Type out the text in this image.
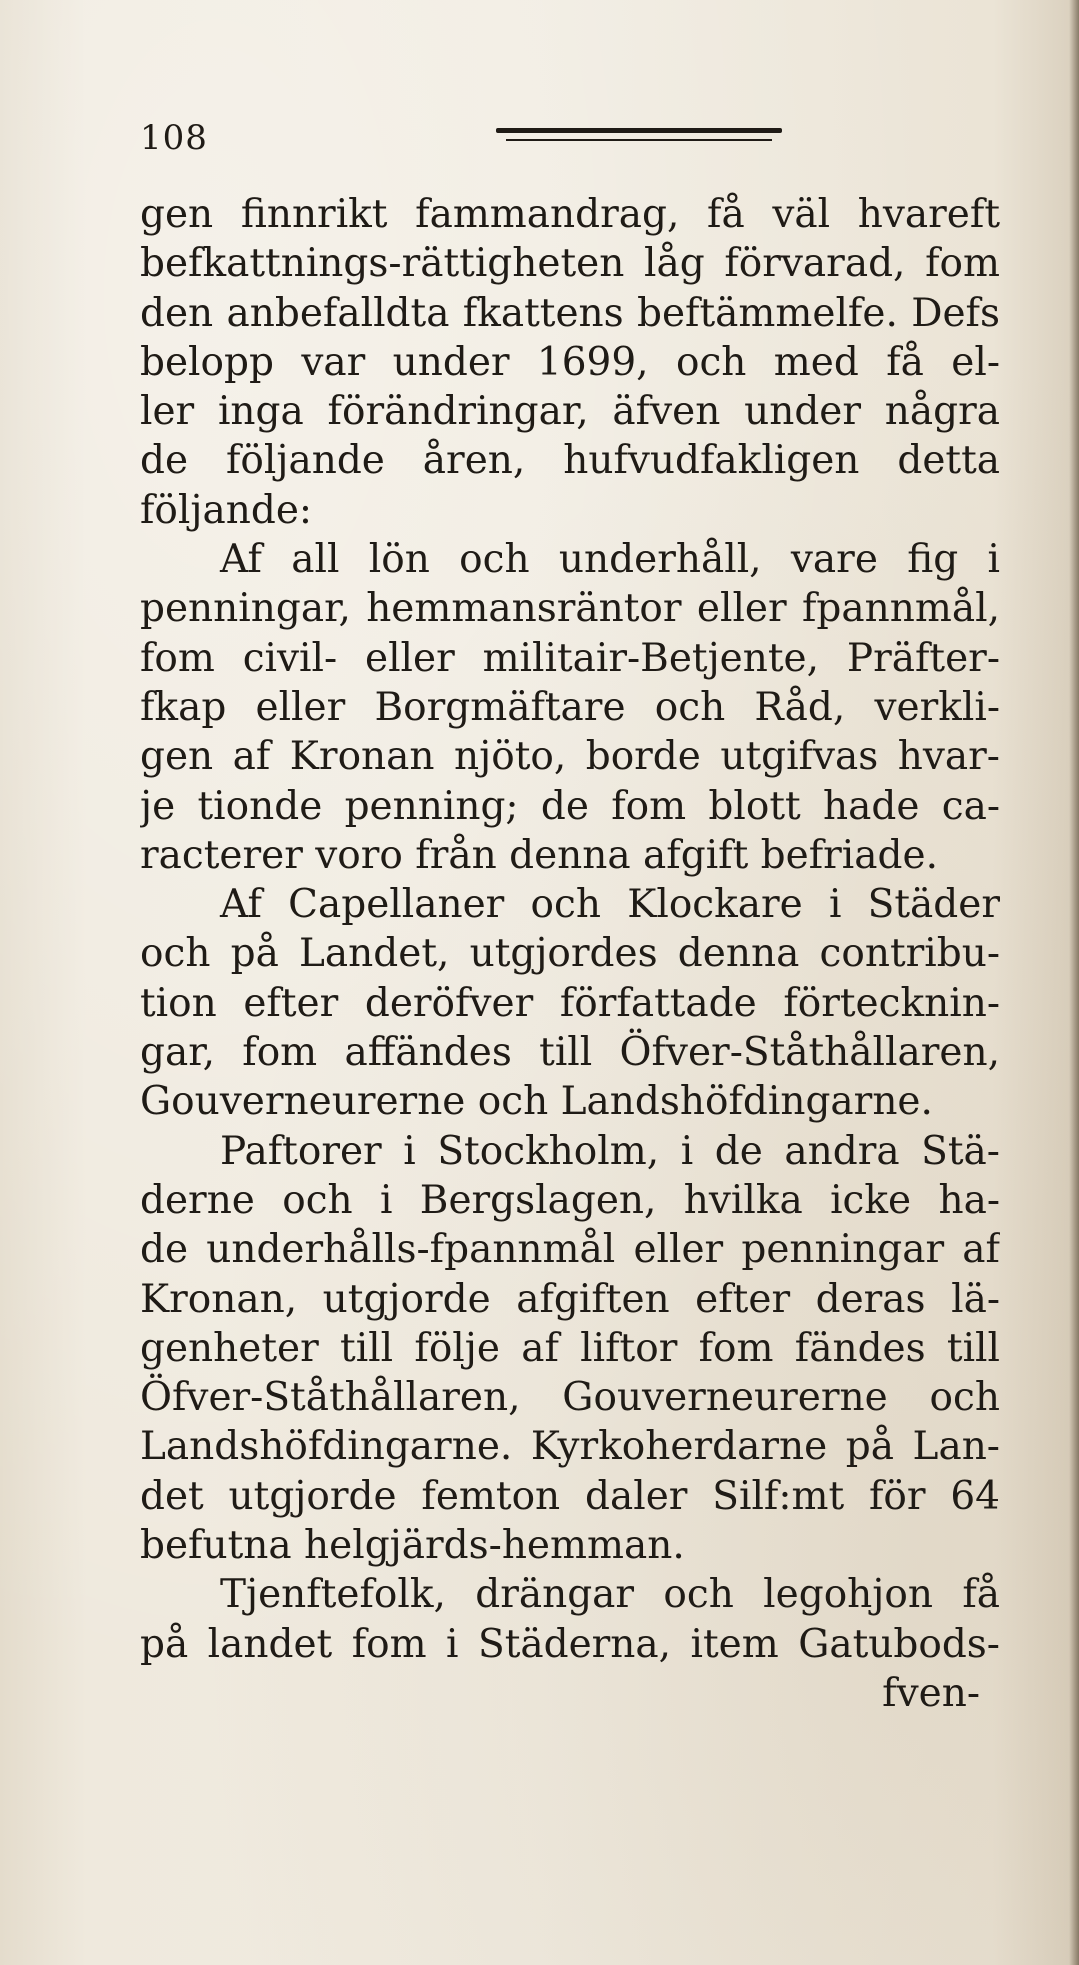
108
gen finnrikt fammandrag, få väl hvareft
befkattnings-rättigheten låg förvarad, fom
den anbefalldta fkattens beftämmelfe. Defs
belopp var under 1699, och med få el-
ler inga förändringar, äfven under några
de följande åren, hufvudfakligen detta
följande:
Af all lön och underhåll, vare fig i
penningar, hemmansräntor eller fpannmål,
fom civil- eller militair-Betjente, Präfter-
fkap eller Borgmäftare och Råd, verkli-
gen af Kronan njöto, borde utgifvas hvar-
je tionde penning; de fom blott hade ca-
racterer voro från denna afgift befriade.
Af Capellaner och Klockare i Städer
och på Landet, utgjordes denna contribu-
tion efter deröfver författade förtecknin-
gar, fom affändes till Öfver-Ståthållaren,
Gouverneurerne och Landshöfdingarne.
Paftorer i Stockholm, i de andra Stä-
derne och i Bergslagen, hvilka icke ha-
de underhålls-fpannmål eller penningar af
Kronan, utgjorde afgiften efter deras lä-
genheter till följe af liftor fom fändes till
Öfver-Ståthållaren, Gouverneurerne och
Landshöfdingarne. Kyrkoherdarne på Lan-
det utgjorde femton daler Silf:mt för 64
befutna helgjärds-hemman.
Tjenftefolk, drängar och legohjon få
på landet fom i Städerna, item Gatubods-
fven-
